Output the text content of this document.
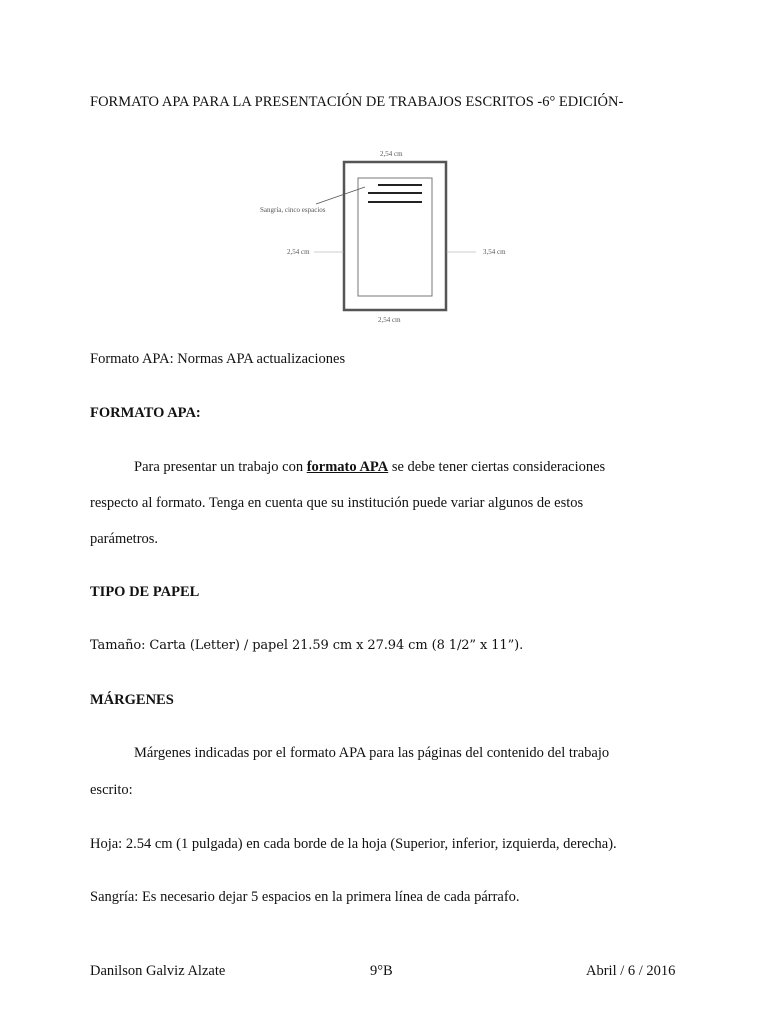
FORMATO APA PARA LA PRESENTACIÓN DE TRABAJOS ESCRITOS -6° EDICIÓN-
2,54 cm
Sangría, cinco espacios
2,54 cm	3,54 cm
2,54 cm
Formato APA: Normas APA actualizaciones
FORMATO APA:
Para presentar un trabajo con formato APA se debe tener ciertas consideraciones
respecto al formato. Tenga en cuenta que su institución puede variar algunos de estos
parámetros.
TIPO DE PAPEL
Tamaño: Carta (Letter) / papel 21.59 cm x 27.94 cm (8 1/2” x 11”).
MÁRGENES
Márgenes indicadas por el formato APA para las páginas del contenido del trabajo
escrito:
Hoja: 2.54 cm (1 pulgada) en cada borde de la hoja (Superior, inferior, izquierda, derecha).
Sangría: Es necesario dejar 5 espacios en la primera línea de cada párrafo.
Danilson Galviz Alzate	9°B	Abril / 6 / 2016
